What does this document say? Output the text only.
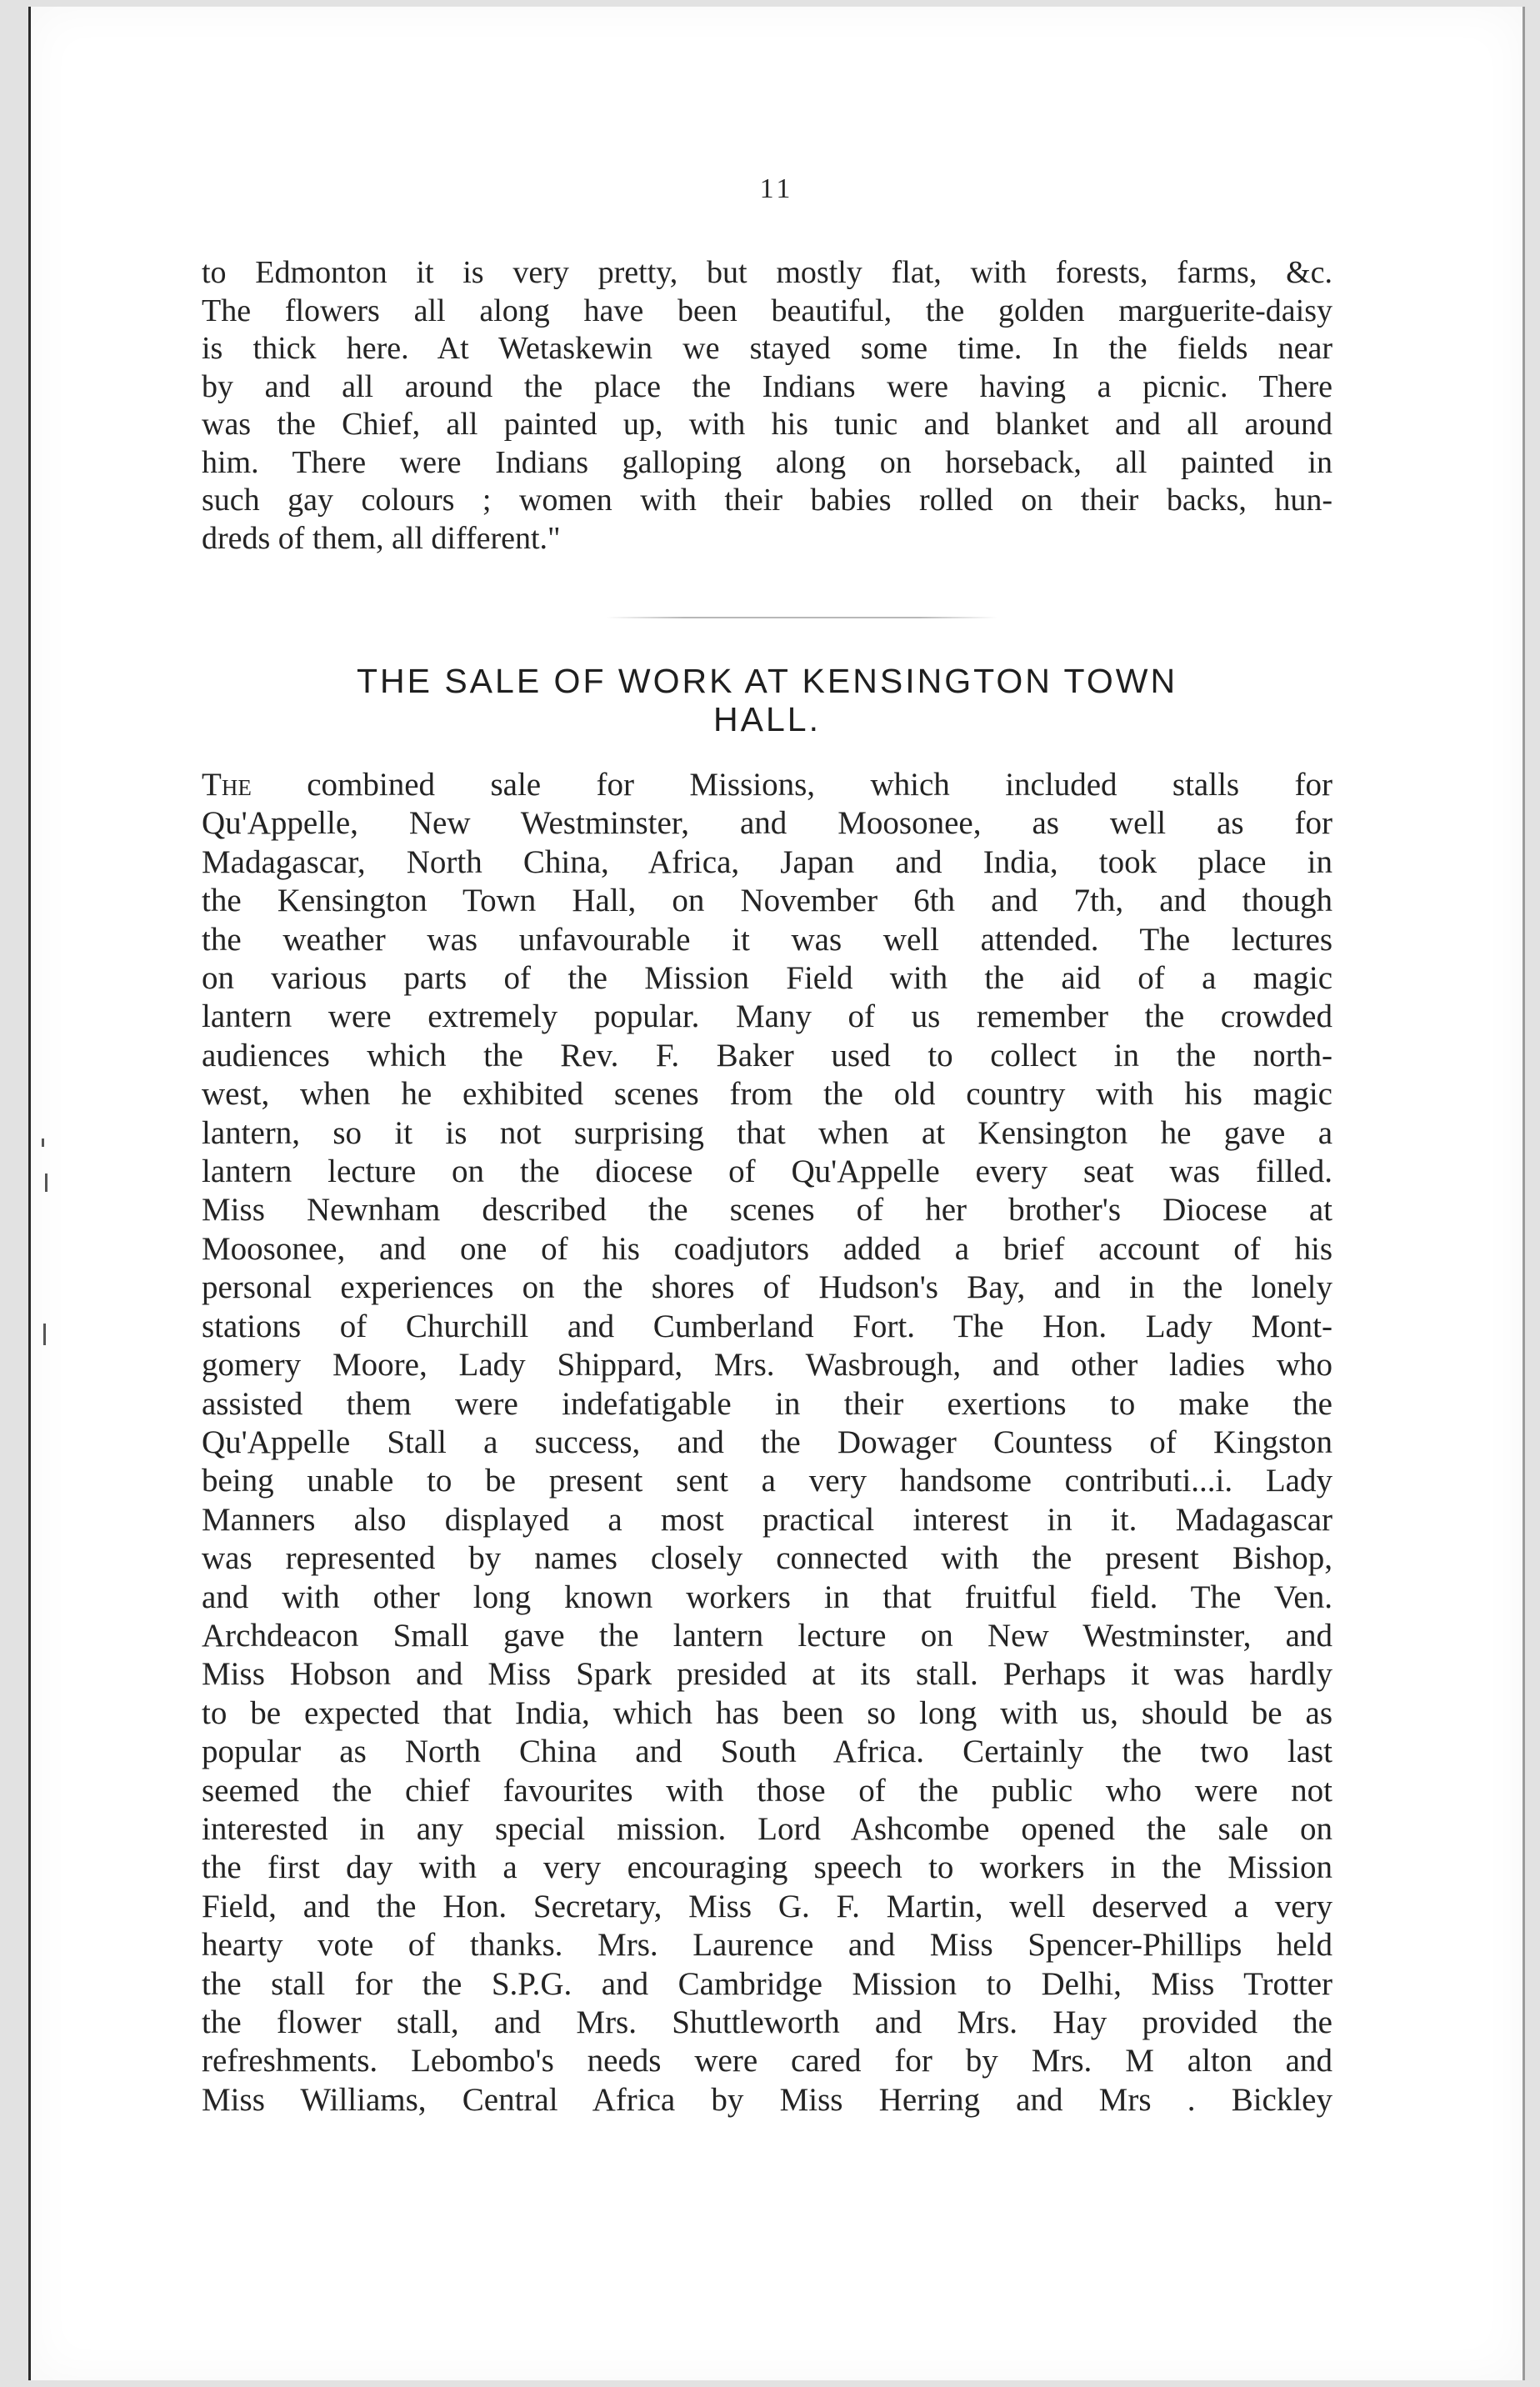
11
to Edmonton it is very pretty, but mostly flat, with forests, farms, &c.
The flowers all along have been beautiful, the golden marguerite-daisy
is thick here. At Wetaskewin we stayed some time. In the fields near
by and all around the place the Indians were having a picnic. There
was the Chief, all painted up, with his tunic and blanket and all around
him. There were Indians galloping along on horseback, all painted in
such gay colours ; women with their babies rolled on their backs, hun-
dreds of them, all different."
THE SALE OF WORK AT KENSINGTON TOWN
HALL.
The combined sale for Missions, which included stalls for
Qu'Appelle, New Westminster, and Moosonee, as well as for
Madagascar, North China, Africa, Japan and India, took place in
the Kensington Town Hall, on November 6th and 7th, and though
the weather was unfavourable it was well attended. The lectures
on various parts of the Mission Field with the aid of a magic
lantern were extremely popular. Many of us remember the crowded
audiences which the Rev. F. Baker used to collect in the north-
west, when he exhibited scenes from the old country with his magic
lantern, so it is not surprising that when at Kensington he gave a
lantern lecture on the diocese of Qu'Appelle every seat was filled.
Miss Newnham described the scenes of her brother's Diocese at
Moosonee, and one of his coadjutors added a brief account of his
personal experiences on the shores of Hudson's Bay, and in the lonely
stations of Churchill and Cumberland Fort. The Hon. Lady Mont-
gomery Moore, Lady Shippard, Mrs. Wasbrough, and other ladies who
assisted them were indefatigable in their exertions to make the
Qu'Appelle Stall a success, and the Dowager Countess of Kingston
being unable to be present sent a very handsome contributi...i. Lady
Manners also displayed a most practical interest in it. Madagascar
was represented by names closely connected with the present Bishop,
and with other long known workers in that fruitful field. The Ven.
Archdeacon Small gave the lantern lecture on New Westminster, and
Miss Hobson and Miss Spark presided at its stall. Perhaps it was hardly
to be expected that India, which has been so long with us, should be as
popular as North China and South Africa. Certainly the two last
seemed the chief favourites with those of the public who were not
interested in any special mission. Lord Ashcombe opened the sale on
the first day with a very encouraging speech to workers in the Mission
Field, and the Hon. Secretary, Miss G. F. Martin, well deserved a very
hearty vote of thanks. Mrs. Laurence and Miss Spencer-Phillips held
the stall for the S.P.G. and Cambridge Mission to Delhi, Miss Trotter
the flower stall, and Mrs. Shuttleworth and Mrs. Hay provided the
refreshments. Lebombo's needs were cared for by Mrs. M alton and
Miss Williams, Central Africa by Miss Herring and Mrs . Bickley
